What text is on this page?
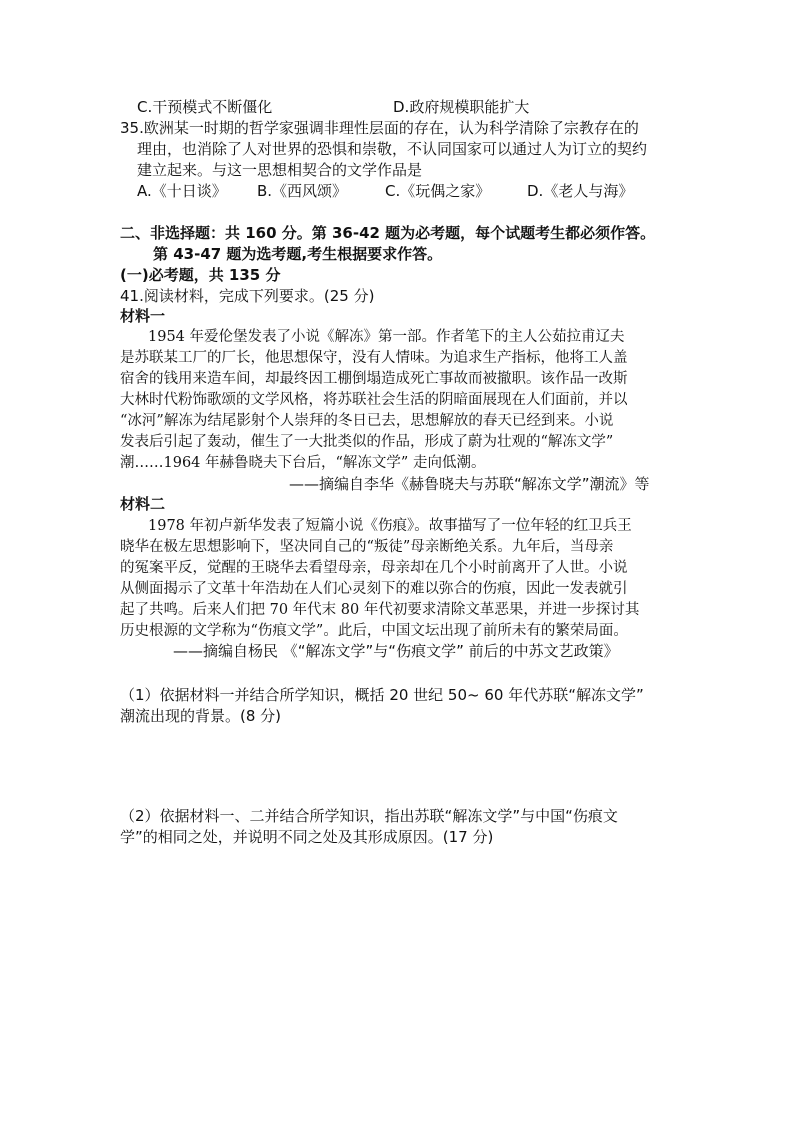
C.干预模式不断僵化	D.政府规模职能扩大
35.欧洲某一时期的哲学家强调非理性层面的存在，认为科学清除了宗教存在的
理由，也消除了人对世界的恐惧和崇敬，不认同国家可以通过人为订立的契约
建立起来。与这一思想相契合的文学作品是
A.《十日谈》 B.《西风颂》	C.《玩偶之家》 D.《老人与海》
二、非选择题：共 160 分。第 36-42 题为必考题，每个试题考生都必须作答。
第 43-47 题为选考题,考生根据要求作答。
(一)必考题，共 135 分
41.阅读材料，完成下列要求。(25 分)
材料一
1954 年爱伦堡发表了小说《解冻》第一部。作者笔下的主人公茹拉甫辽夫
是苏联某工厂的厂长，他思想保守，没有人情味。为追求生产指标，他将工人盖
宿舍的钱用来造车间，却最终因工棚倒塌造成死亡事故而被撤职。该作品一改斯
大林时代粉饰歌颂的文学风格，将苏联社会生活的阴暗面展现在人们面前，并以
“冰河”解冻为结尾影射个人崇拜的冬日已去，思想解放的春天已经到来。小说
发表后引起了轰动，催生了一大批类似的作品，形成了蔚为壮观的“解冻文学”
潮……1964 年赫鲁晓夫下台后，“解冻文学” 走向低潮。
——摘编自李华《赫鲁晓夫与苏联“解冻文学”潮流》等
材料二
1978 年初卢新华发表了短篇小说《伤痕》。故事描写了一位年轻的红卫兵王
晓华在极左思想影响下，坚决同自己的“叛徒”母亲断绝关系。九年后，当母亲
的冤案平反，觉醒的王晓华去看望母亲，母亲却在几个小时前离开了人世。小说
从侧面揭示了文革十年浩劫在人们心灵刻下的难以弥合的伤痕，因此一发表就引
起了共鸣。后来人们把 70 年代末 80 年代初要求清除文革恶果，并进一步探讨其
历史根源的文学称为“伤痕文学”。此后，中国文坛出现了前所未有的繁荣局面。
——摘编自杨民 《“解冻文学”与“伤痕文学” 前后的中苏文艺政策》
（1）依据材料一并结合所学知识，概括 20 世纪 50~ 60 年代苏联“解冻文学”
潮流出现的背景。(8 分)
（2）依据材料一、二并结合所学知识，指出苏联“解冻文学”与中国“伤痕文
学”的相同之处，并说明不同之处及其形成原因。(17 分)
